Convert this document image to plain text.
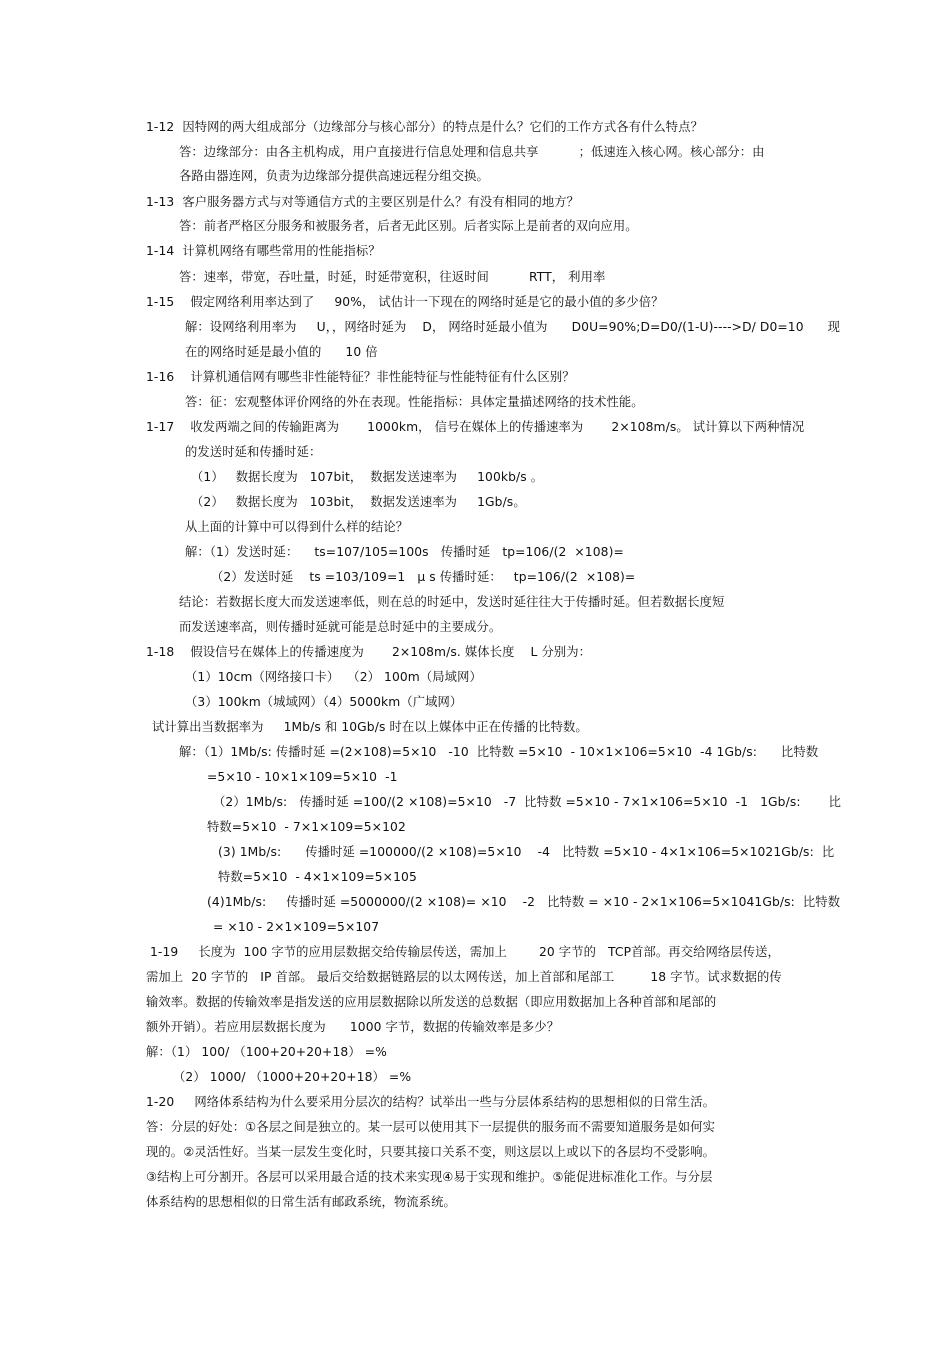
1-12  因特网的两大组成部分（边缘部分与核心部分）的特点是什么？它们的工作方式各有什么特点？
答：边缘部分：由各主机构成，用户直接进行信息处理和信息共享          ；低速连入核心网。核心部分：由
各路由器连网，负责为边缘部分提供高速远程分组交换。
1-13  客户服务器方式与对等通信方式的主要区别是什么？有没有相同的地方？
答：前者严格区分服务和被服务者，后者无此区别。后者实际上是前者的双向应用。
1-14  计算机网络有哪些常用的性能指标？
答：速率，带宽，吞吐量，时延，时延带宽积，往返时间          RTT， 利用率
1-15    假定网络利用率达到了     90%， 试估计一下现在的网络时延是它的最小值的多少倍？
解：设网络利用率为     U，，网络时延为    D， 网络时延最小值为      D0U=90%;D=D0/(1-U)---->D/ D0=10      现
在的网络时延是最小值的      10 倍
1-16    计算机通信网有哪些非性能特征？非性能特征与性能特征有什么区别？
答：征：宏观整体评价网络的外在表现。性能指标：具体定量描述网络的技术性能。
1-17    收发两端之间的传输距离为       1000km， 信号在媒体上的传播速率为       2×108m/s。 试计算以下两种情况
的发送时延和传播时延：
（1）   数据长度为   107bit，  数据发送速率为     100kb/s 。
（2）   数据长度为   103bit，  数据发送速率为     1Gb/s。
从上面的计算中可以得到什么样的结论？
解：（1）发送时延：    ts=107/105=100s   传播时延   tp=106/(2  ×108)=
（2）发送时延    ts =103/109=1   μ s 传播时延：   tp=106/(2  ×108)=
结论：若数据长度大而发送速率低，则在总的时延中，发送时延往往大于传播时延。但若数据长度短
而发送速率高，则传播时延就可能是总时延中的主要成分。
1-18    假设信号在媒体上的传播速度为       2×108m/s. 媒体长度    L 分别为：
（1）10cm（网络接口卡）  （2） 100m（局域网）
（3）100km（城域网）（4）5000km（广域网）
试计算出当数据率为     1Mb/s 和 10Gb/s 时在以上媒体中正在传播的比特数。
解：（1）1Mb/s: 传播时延 =(2×108)=5×10   -10  比特数 =5×10  - 10×1×106=5×10  -4 1Gb/s:      比特数
=5×10 - 10×1×109=5×10  -1
（2）1Mb/s:   传播时延 =100/(2 ×108)=5×10   -7  比特数 =5×10 - 7×1×106=5×10  -1   1Gb/s:       比
特数=5×10  - 7×1×109=5×102
(3) 1Mb/s:      传播时延 =100000/(2 ×108)=5×10    -4   比特数 =5×10 - 4×1×106=5×1021Gb/s:  比
特数=5×10  - 4×1×109=5×105
(4)1Mb/s:     传播时延 =5000000/(2 ×108)= ×10    -2   比特数 = ×10 - 2×1×106=5×1041Gb/s:  比特数
= ×10 - 2×1×109=5×107
1-19     长度为  100 字节的应用层数据交给传输层传送，需加上        20 字节的   TCP首部。再交给网络层传送，
需加上  20 字节的   IP 首部。 最后交给数据链路层的以太网传送，加上首部和尾部工         18 字节。试求数据的传
输效率。数据的传输效率是指发送的应用层数据除以所发送的总数据（即应用数据加上各种首部和尾部的
额外开销）。若应用层数据长度为      1000 字节，数据的传输效率是多少？
解：（1） 100/ （100+20+20+18） =%
（2） 1000/ （1000+20+20+18） =%
1-20     网络体系结构为什么要采用分层次的结构？试举出一些与分层体系结构的思想相似的日常生活。
答：分层的好处：①各层之间是独立的。某一层可以使用其下一层提供的服务而不需要知道服务是如何实
现的。②灵活性好。当某一层发生变化时，只要其接口关系不变，则这层以上或以下的各层均不受影响。
③结构上可分割开。各层可以采用最合适的技术来实现④易于实现和维护。⑤能促进标准化工作。与分层
体系结构的思想相似的日常生活有邮政系统，物流系统。
